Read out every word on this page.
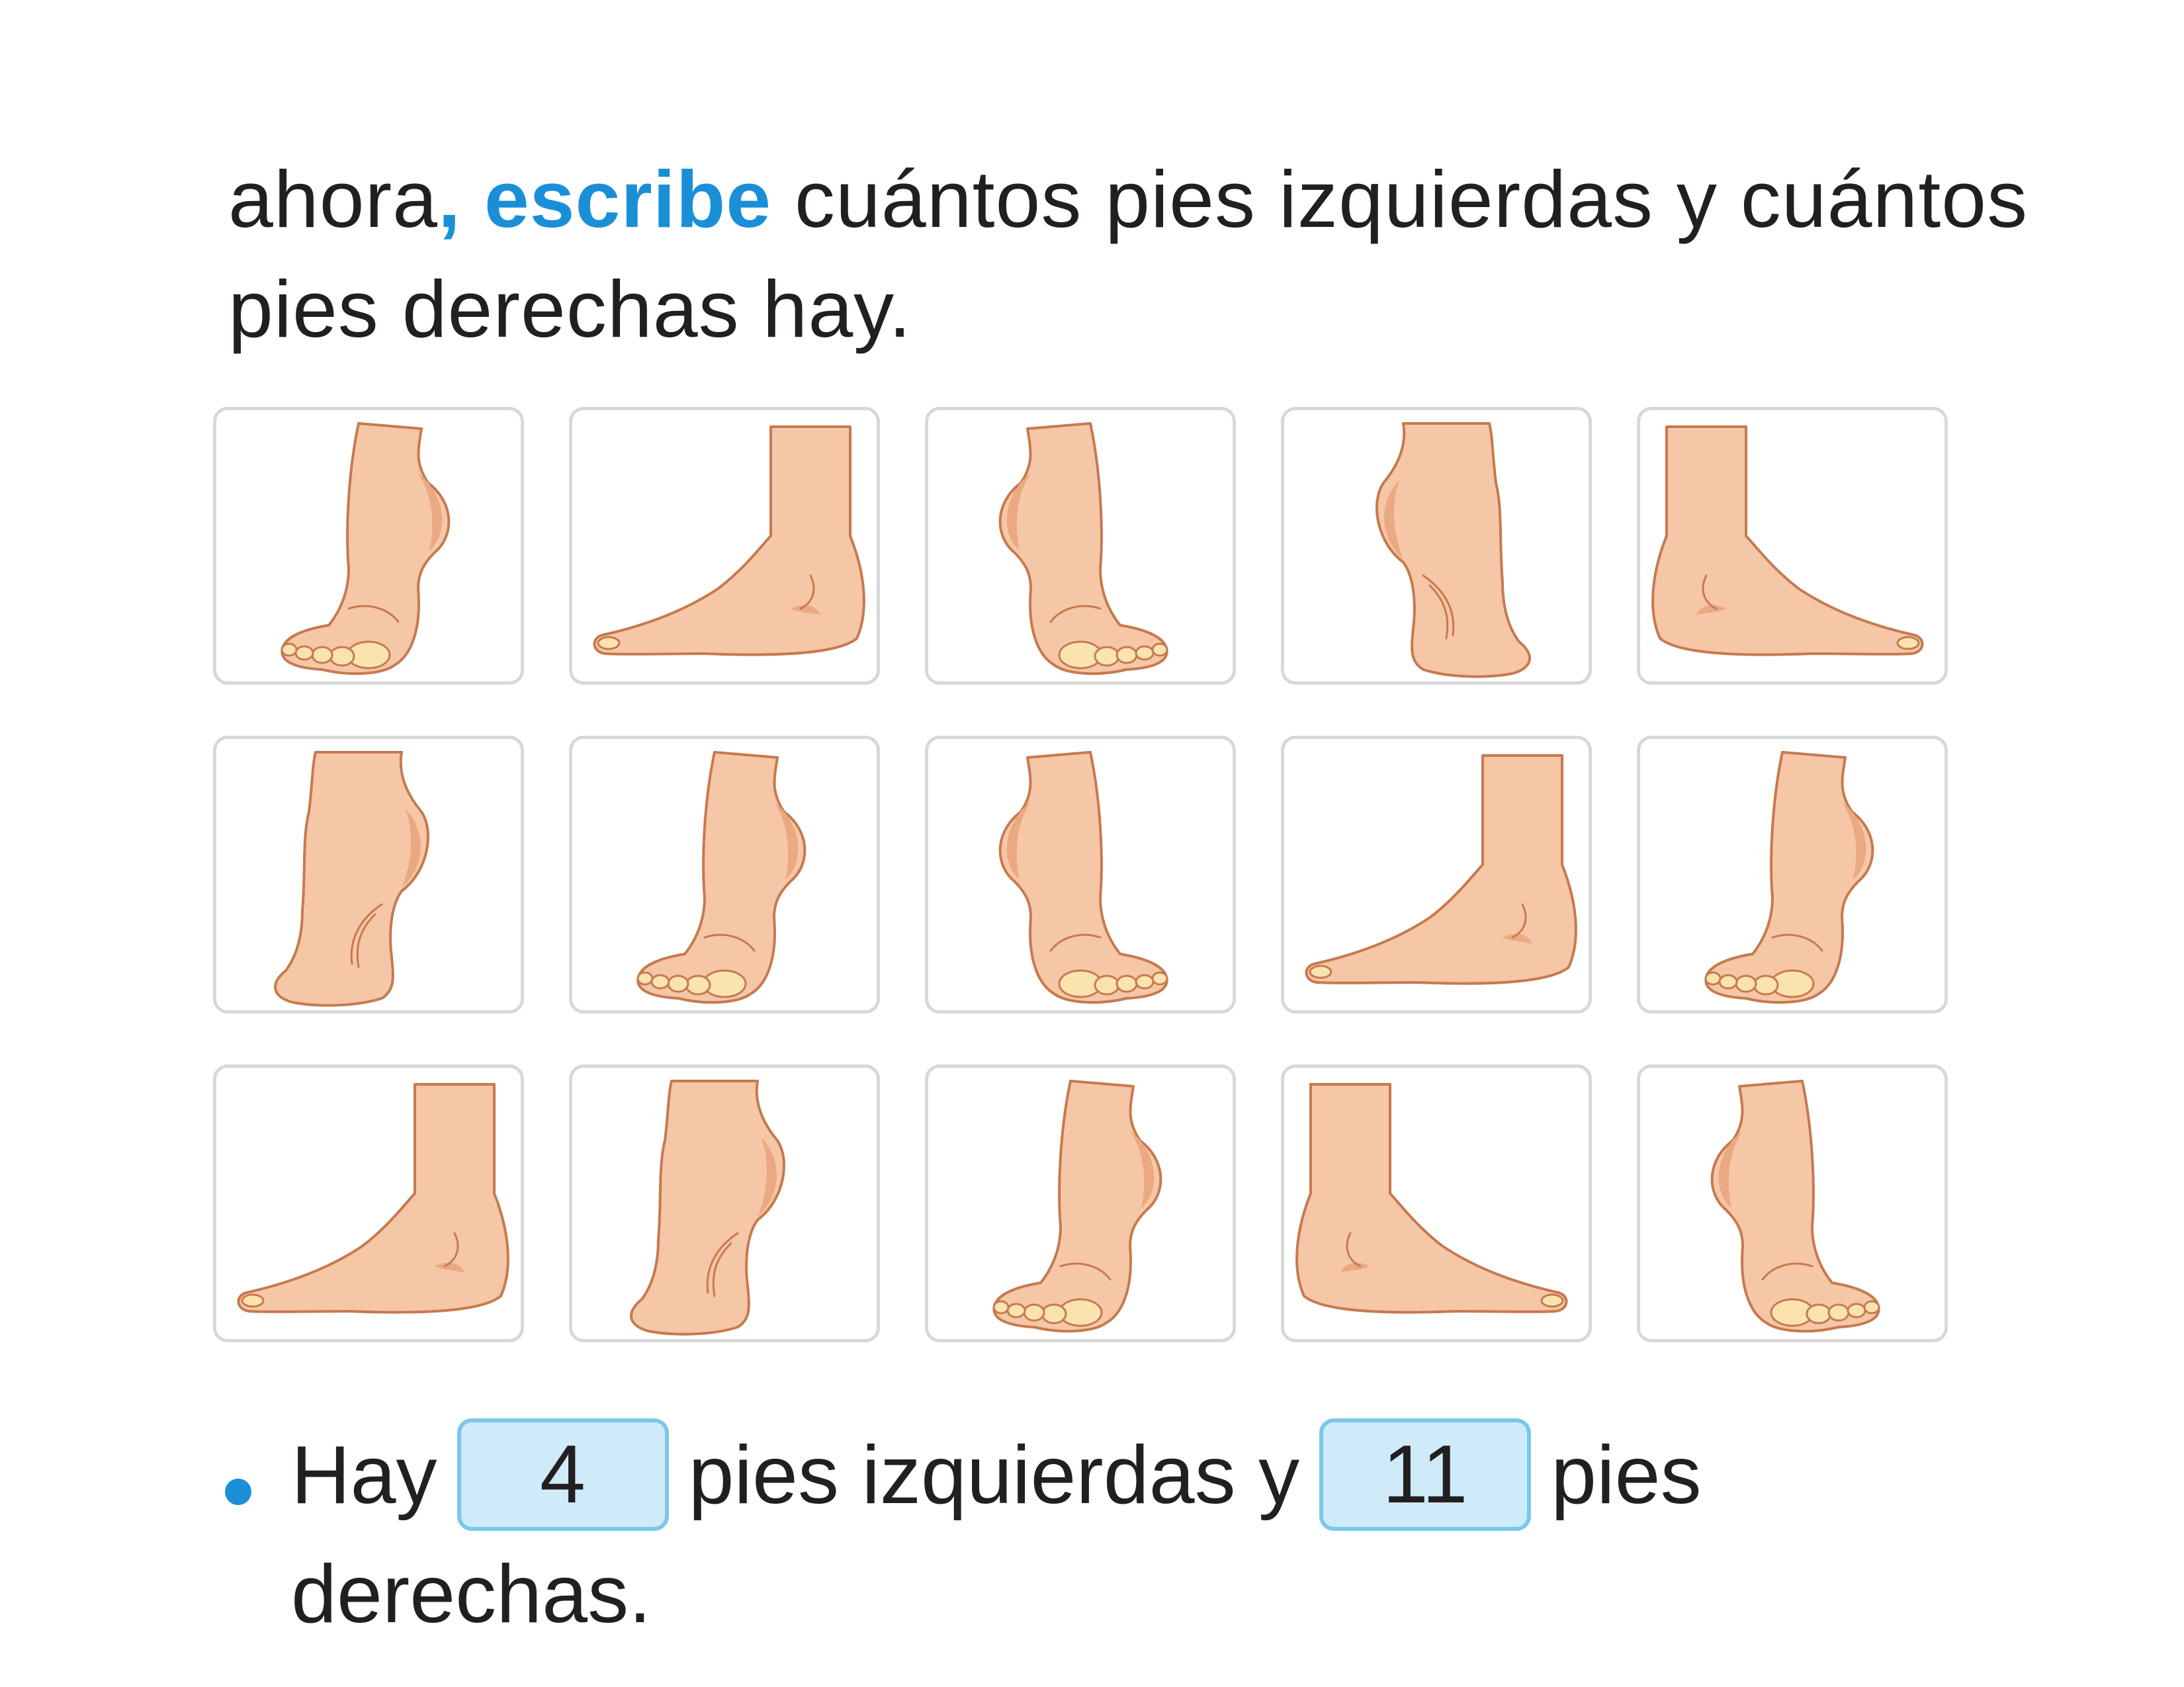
ahora, escribe cuántos pies izquierdas y cuántos
pies derechas hay.

Hay 4 pies izquierdas y 11 pies
derechas.
